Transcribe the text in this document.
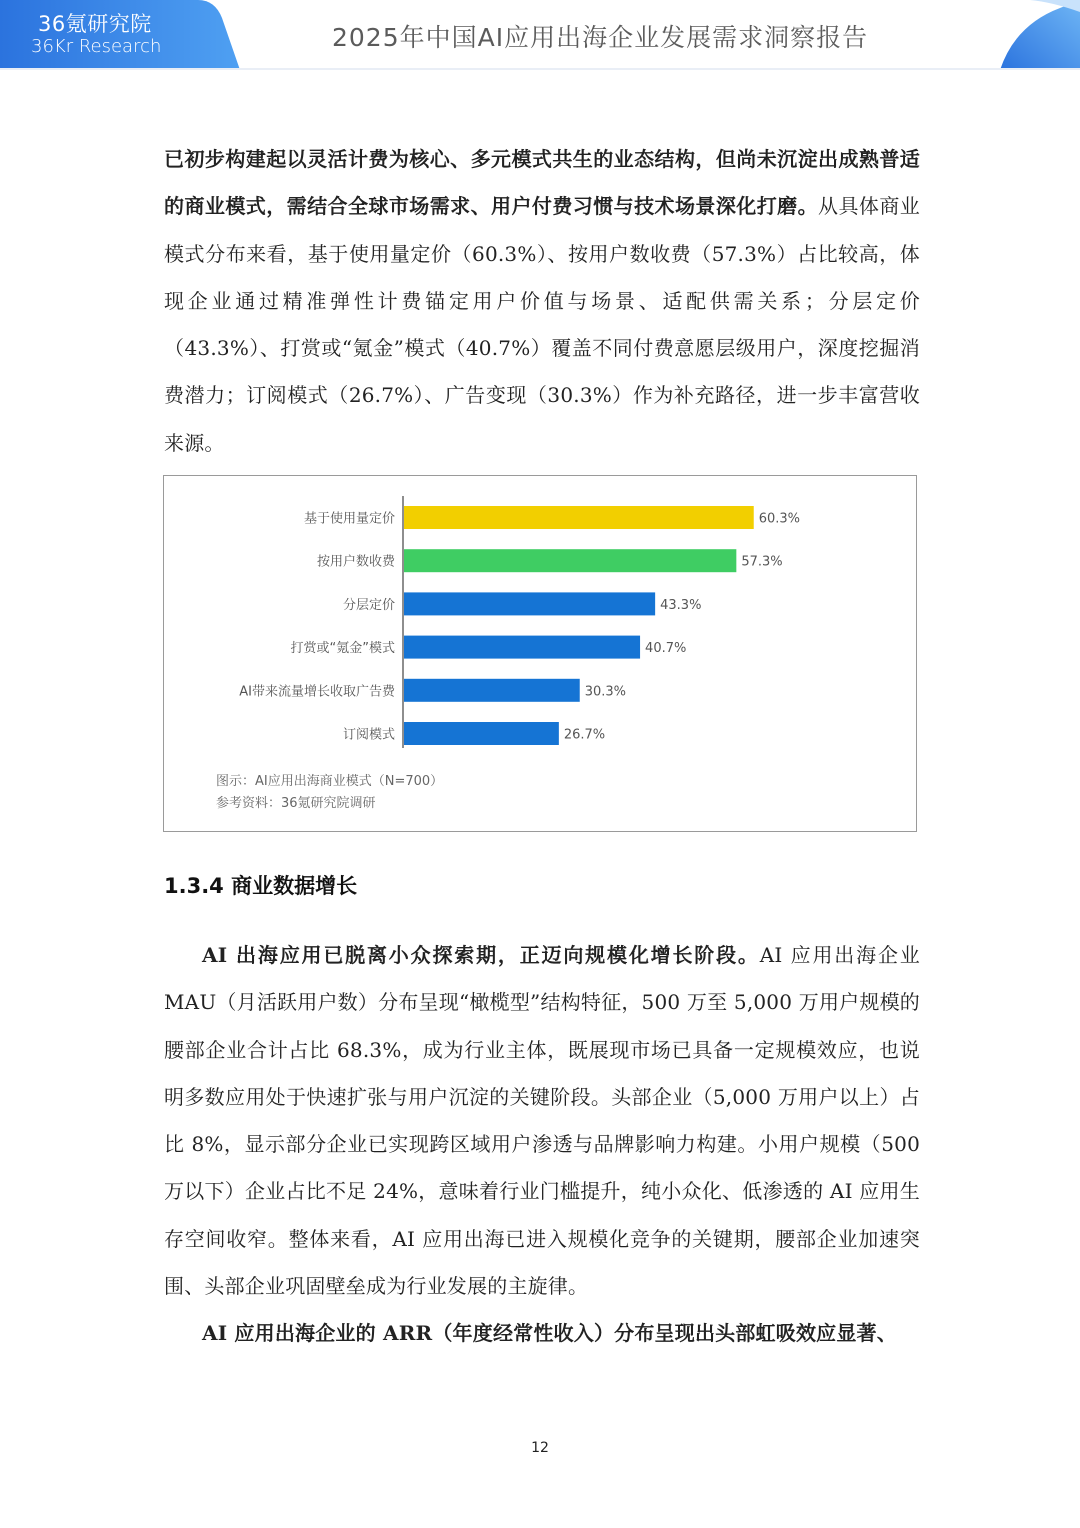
36氪研究院
36Kr Research	2025年中国AI应用出海企业发展需求洞察报告

已初步构建起以灵活计费为核心、多元模式共生的业态结构，但尚未沉淀出成熟普适的商业模式，需结合全球市场需求、用户付费习惯与技术场景深化打磨。从具体商业模式分布来看，基于使用量定价（60.3%）、按用户数收费（57.3%）占比较高，体现企业通过精准弹性计费锚定用户价值与场景、适配供需关系；分层定价（43.3%）、打赏或“氪金”模式（40.7%）覆盖不同付费意愿层级用户，深度挖掘消费潜力；订阅模式（26.7%）、广告变现（30.3%）作为补充路径，进一步丰富营收来源。

基于使用量定价	60.3%
按用户数收费	57.3%
分层定价	43.3%
打赏或“氪金”模式	40.7%
AI带来流量增长收取广告费	30.3%
订阅模式	26.7%
图示：AI应用出海商业模式（N=700）
参考资料：36氪研究院调研
1.3.4 商业数据增长

AI 出海应用已脱离小众探索期，正迈向规模化增长阶段。AI 应用出海企业 MAU（月活跃用户数）分布呈现“橄榄型”结构特征，500 万至 5,000 万用户规模的腰部企业合计占比 68.3%，成为行业主体，既展现市场已具备一定规模效应，也说明多数应用处于快速扩张与用户沉淀的关键阶段。头部企业（5,000 万用户以上）占比 8%，显示部分企业已实现跨区域用户渗透与品牌影响力构建。小用户规模（500 万以下）企业占比不足 24%，意味着行业门槛提升，纯小众化、低渗透的 AI 应用生存空间收窄。整体来看，AI 应用出海已进入规模化竞争的关键期，腰部企业加速突围、头部企业巩固壁垒成为行业发展的主旋律。

AI 应用出海企业的 ARR（年度经常性收入）分布呈现出头部虹吸效应显著、

12
